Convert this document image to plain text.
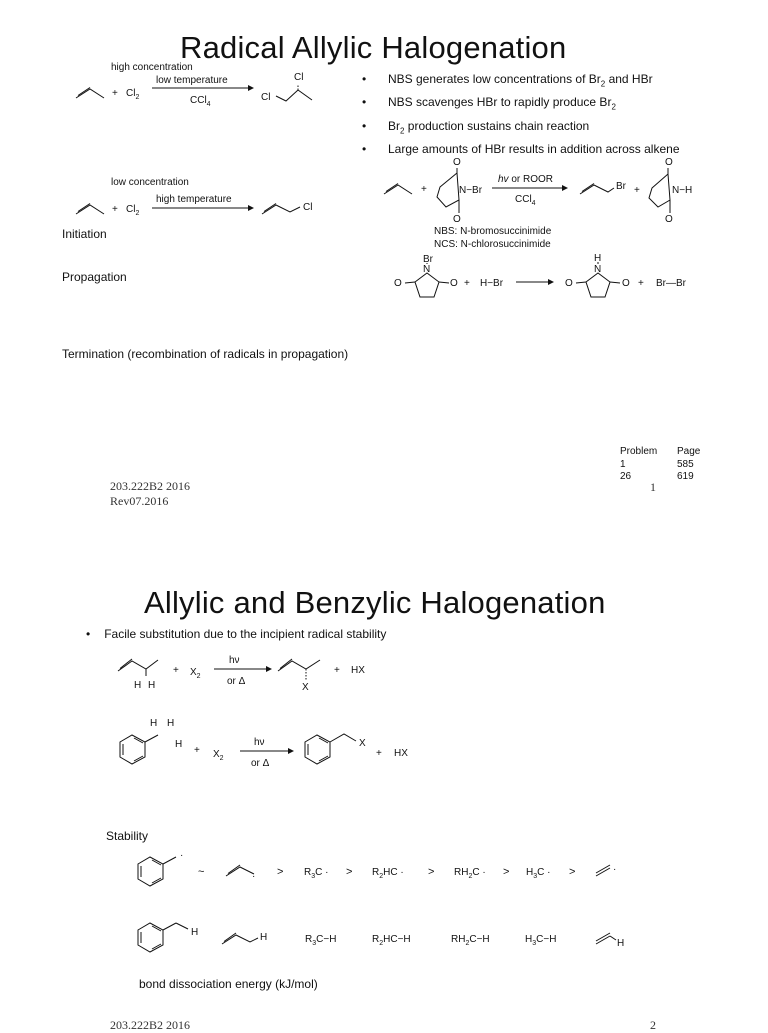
Radical Allylic Halogenation
high concentration
low temperature
+ $Cl_2$	CCl$_4$
Cl
Cl
+ $Cl_2$
Cl
+
O
O
N−Br
hv or ROOR
CCl$_4$
Br +
O
O
N−H
Br
N
O	O + H−Br
H
N
O	O + Br—Br
H H
+ $X_2$
hν
or Δ
X
+ HX
H H
H
+ $X_2$
hν
or Δ
X
+ HX
·
~	· > $R_3C$ · > $R_2HC$ · > $RH_2C$ · > $H_3C$ · >	·
H	H	$R_3C-H$	$R_2HC-H$	$RH_2C-H$	$H_3C-H$	H
• NBS generates low concentrations of $Br_2$ and HBr
• NBS scavenges HBr to rapidly produce $Br_2$
• $Br_2$ production sustains chain reaction
• Large amounts of HBr results in addition across alkene
low concentration
high temperature
NBS: N-bromosuccinimide
NCS: N-chlorosuccinimide
Initiation
Propagation
Termination (recombination of radicals in propagation)
Problem Page
1	585
26	619
203.222B2 2016
Rev07.2016
1
Allylic and Benzylic Halogenation
• Facile substitution due to the incipient radical stability
Stability
bond dissociation energy (kJ/mol)
203.222B2 2016	2
